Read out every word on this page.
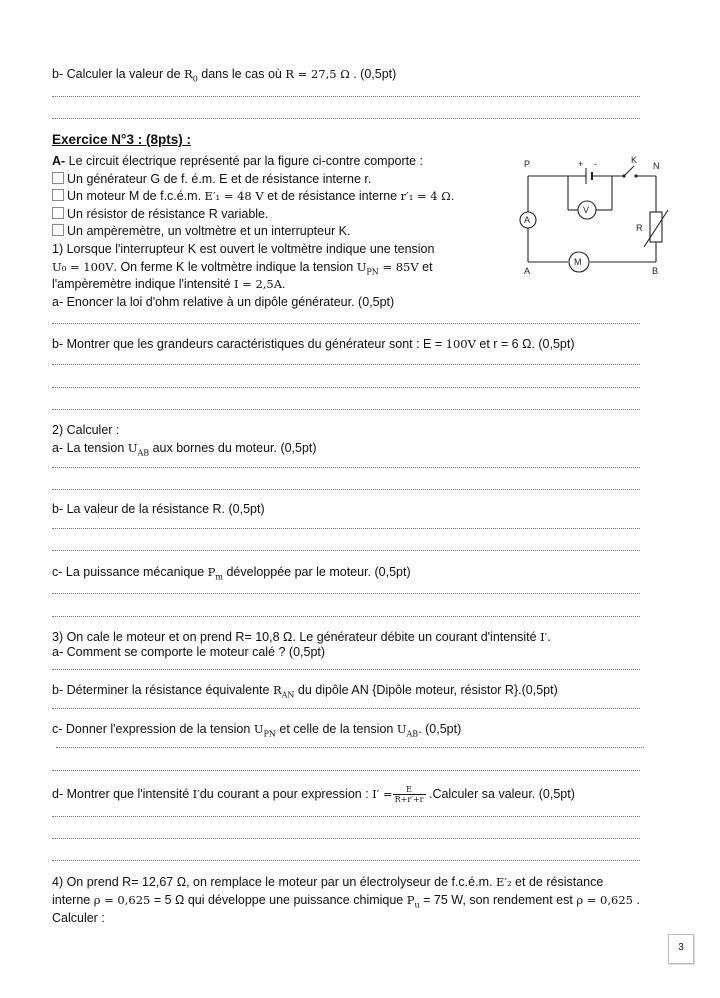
b- Calculer la valeur de $R_0$ dans le cas où R = 27,5 Ω . (0,5pt)
Exercice N°3 : (8pts) :
A- Le circuit électrique représenté par la figure ci-contre comporte :
Un générateur G de f. é.m. E et de résistance interne r.
Un moteur M de f.c.é.m. E′₁ = 48 V et de résistance interne r′₁ = 4 Ω.
Un résistor de résistance R variable.
Un ampèremètre, un voltmètre et un interrupteur K.
1) Lorsque l'interrupteur K est ouvert le voltmètre indique une tension
U₀ = 100V. On ferme K le voltmètre indique la tension $U_{PN} = 85V$ et
l'ampèremètre indique l'intensité I = 2,5A.
a- Enoncer la loi d'ohm relative à un dipôle générateur. (0,5pt)
b- Montrer que les grandeurs caractéristiques du générateur sont : E = 100V et r = 6 Ω. (0,5pt)
2) Calculer :
a- La tension $U_{AB}$ aux bornes du moteur. (0,5pt)
b- La valeur de la résistance R. (0,5pt)
c- La puissance mécanique $P_m$ développée par le moteur. (0,5pt)
3) On cale le moteur et on prend R= 10,8 Ω. Le générateur débite un courant d'intensité I′.
a- Comment se comporte le moteur calé ? (0,5pt)
b- Déterminer la résistance équivalente $R_{AN}$ du dipôle AN {Dipôle moteur, résistor R}.(0,5pt)
c- Donner l'expression de la tension $U_{PN}$ et celle de la tension $U_{AB}$. (0,5pt)
d- Montrer que l'intensité I′du courant a pour expression : $I' = \frac{E}{R+r'+r}$ .Calculer sa valeur. (0,5pt)
4) On prend R= 12,67 Ω, on remplace le moteur par un électrolyseur de f.c.é.m. E′₂ et de résistance
interne ρ = 0,625 = 5 Ω qui développe une puissance chimique $P_u = 75$ W, son rendement est ρ = 0,625 .
Calculer :
P	K
N
+ -
V
A
R
M
A	B
3
